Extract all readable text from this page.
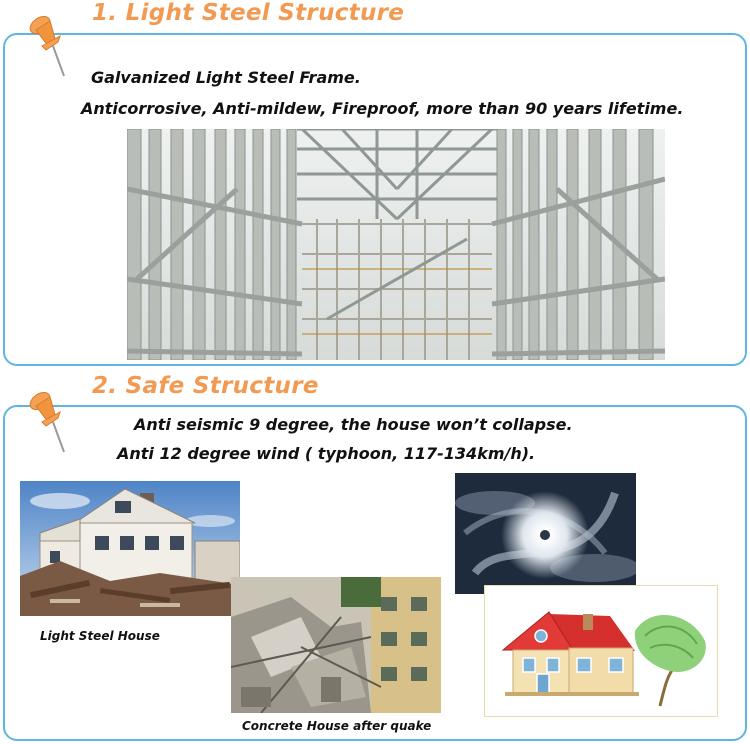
1. Light Steel Structure
Galvanized Light Steel Frame.
Anticorrosive, Anti-mildew, Fireproof, more than 90 years lifetime.
2. Safe Structure
Anti seismic 9 degree, the house won’t collapse.
Anti 12 degree wind ( typhoon, 117-134km/h).
Light Steel House
Concrete House after quake
